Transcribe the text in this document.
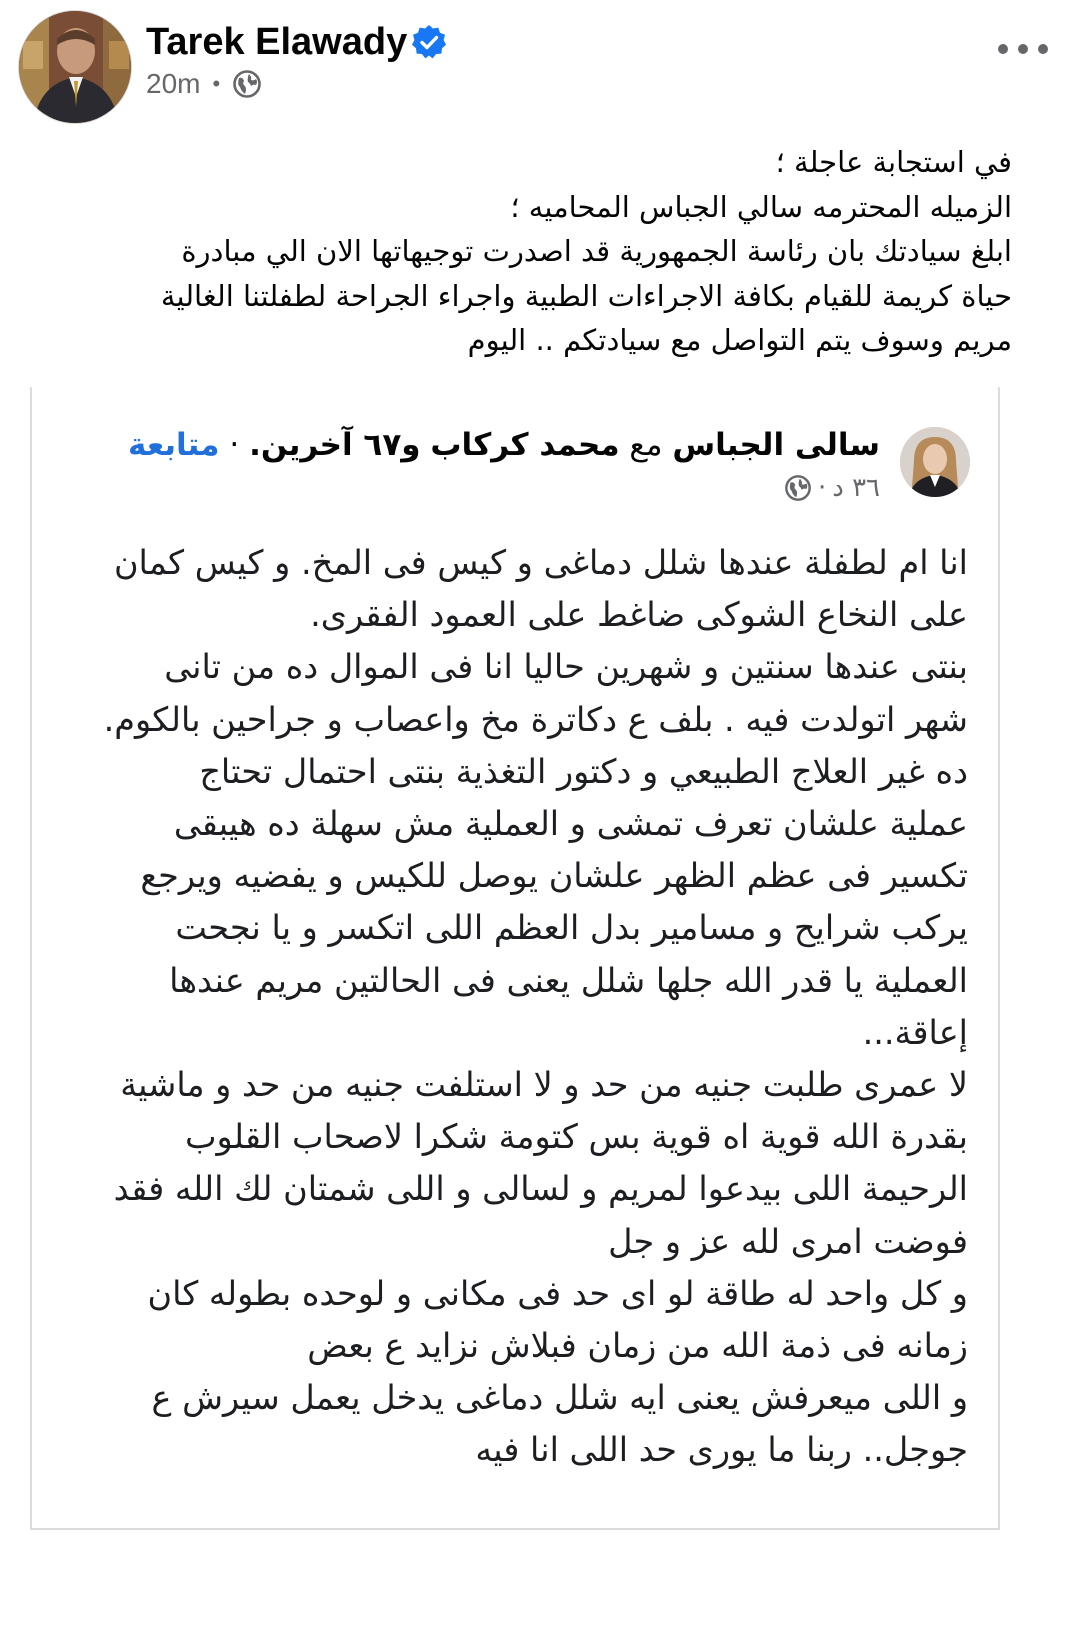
Tarek Elawady
20m •
في استجابة عاجلة ؛
الزميله المحترمه سالي الجباس المحاميه ؛
ابلغ سيادتك بان رئاسة الجمهورية قد اصدرت توجيهاتها الان الي مبادرة
حياة كريمة للقيام بكافة الاجراءات الطبية واجراء الجراحة لطفلتنا الغالية
مريم وسوف يتم التواصل مع سيادتكم .. اليوم
سالى الجباس مع محمد كركاب و٦٧ آخرين. · متابعة
٣٦ د
·
انا ام لطفلة عندها شلل دماغى و كيس فى المخ. و كيس كمان
على النخاع الشوكى ضاغط على العمود الفقرى.
بنتى عندها سنتين و شهرين حاليا انا فى الموال ده من تانى
شهر اتولدت فيه . بلف ع دكاترة مخ واعصاب و جراحين بالكوم.
ده غير العلاج الطبيعي و دكتور التغذية بنتى احتمال تحتاج
عملية علشان تعرف تمشى و العملية مش سهلة ده هيبقى
تكسير فى عظم الظهر علشان يوصل للكيس و يفضيه ويرجع
يركب شرايح و مسامير بدل العظم اللى اتكسر و يا نجحت
العملية يا قدر الله جلها شلل يعنى فى الحالتين مريم عندها
إعاقة...
لا عمرى طلبت جنيه من حد و لا استلفت جنيه من حد و ماشية
بقدرة الله قوية اه قوية بس كتومة شكرا لاصحاب القلوب
الرحيمة اللى بيدعوا لمريم و لسالى و اللى شمتان لك الله فقد
فوضت امرى لله عز و جل
و كل واحد له طاقة لو اى حد فى مكانى و لوحده بطوله كان
زمانه فى ذمة الله من زمان فبلاش نزايد ع بعض
و اللى ميعرفش يعنى ايه شلل دماغى يدخل يعمل سيرش ع
جوجل.. ربنا ما يورى حد اللى انا فيه
